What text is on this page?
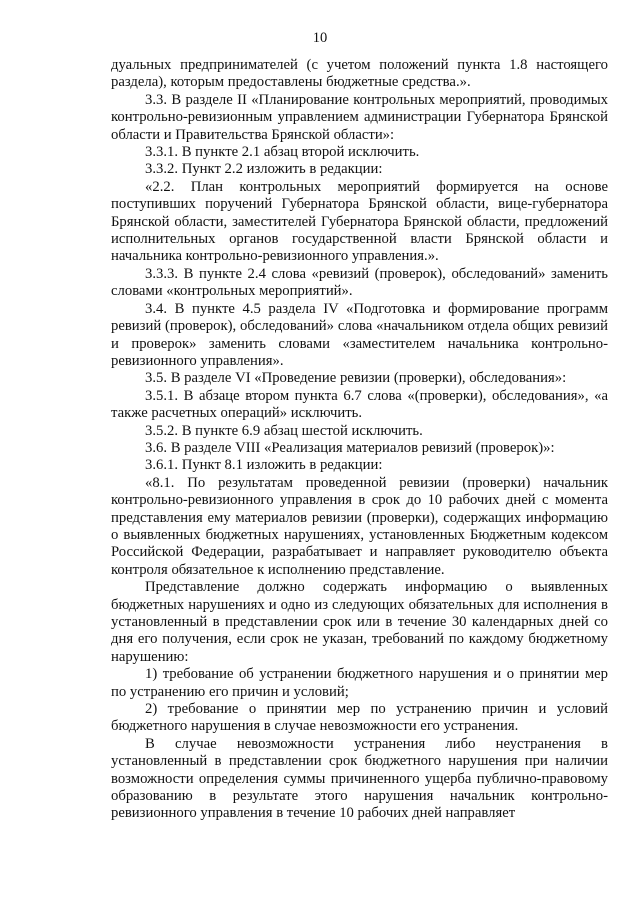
10

дуальных предпринимателей (с учетом положений пункта 1.8 настоящего раздела), которым предоставлены бюджетные средства.».

3.3. В разделе II «Планирование контрольных мероприятий, проводимых контрольно-ревизионным управлением администрации Губернатора Брянской области и Правительства Брянской области»:

3.3.1. В пункте 2.1 абзац второй исключить.

3.3.2. Пункт 2.2 изложить в редакции:

«2.2. План контрольных мероприятий формируется на основе поступивших поручений Губернатора Брянской области, вице-губернатора Брянской области, заместителей Губернатора Брянской области, предложений исполнительных органов государственной власти Брянской области и начальника контрольно-ревизионного управления.».

3.3.3. В пункте 2.4 слова «ревизий (проверок), обследований» заменить словами «контрольных мероприятий».

3.4. В пункте 4.5 раздела IV «Подготовка и формирование программ ревизий (проверок), обследований» слова «начальником отдела общих ревизий и проверок» заменить словами «заместителем начальника контрольно-ревизионного управления».

3.5. В разделе VI «Проведение ревизии (проверки), обследования»:

3.5.1. В абзаце втором пункта 6.7 слова «(проверки), обследования», «а также расчетных операций» исключить.

3.5.2. В пункте 6.9 абзац шестой исключить.

3.6. В разделе VIII «Реализация материалов ревизий (проверок)»:

3.6.1. Пункт 8.1 изложить в редакции:

«8.1. По результатам проведенной ревизии (проверки) начальник контрольно-ревизионного управления в срок до 10 рабочих дней с момента представления ему материалов ревизии (проверки), содержащих информацию о выявленных бюджетных нарушениях, установленных Бюджетным кодексом Российской Федерации, разрабатывает и направляет руководителю объекта контроля обязательное к исполнению представление.

Представление должно содержать информацию о выявленных бюджетных нарушениях и одно из следующих обязательных для исполнения в установленный в представлении срок или в течение 30 календарных дней со дня его получения, если срок не указан, требований по каждому бюджетному нарушению:

1) требование об устранении бюджетного нарушения и о принятии мер по устранению его причин и условий;

2) требование о принятии мер по устранению причин и условий бюджетного нарушения в случае невозможности его устранения.

В случае невозможности устранения либо неустранения в установленный в представлении срок бюджетного нарушения при наличии возможности определения суммы причиненного ущерба публично-правовому образованию в результате этого нарушения начальник контрольно-ревизионного управления в течение 10 рабочих дней направляет
